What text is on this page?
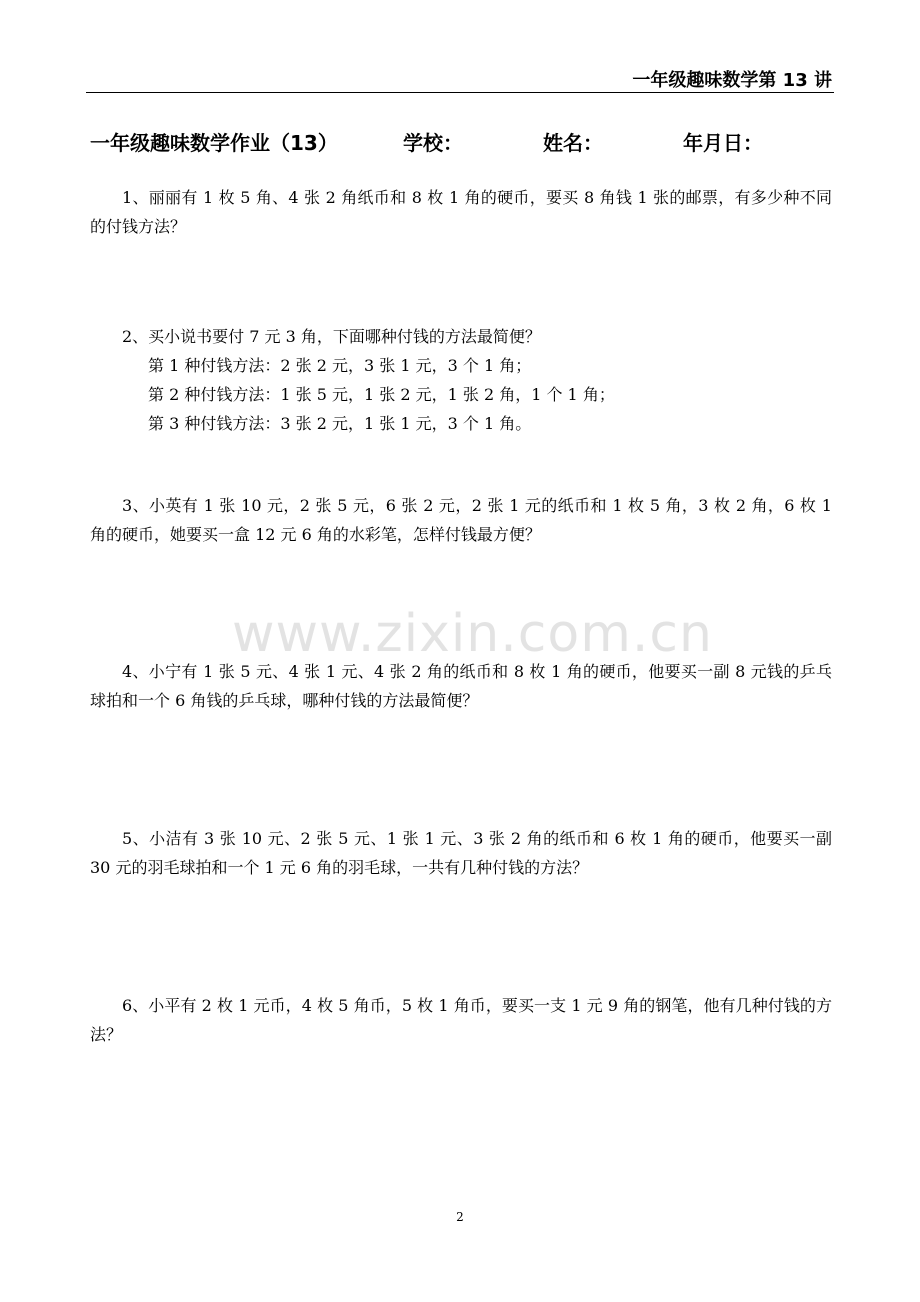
一年级趣味数学第 13 讲
一年级趣味数学作业（13）	学校：	姓名：	年月日：
1、丽丽有 1 枚 5 角、4 张 2 角纸币和 8 枚 1 角的硬币，要买 8 角钱 1 张的邮票，有多少种不同的付钱方法？
2、买小说书要付 7 元 3 角，下面哪种付钱的方法最简便？
第 1 种付钱方法：2 张 2 元，3 张 1 元，3 个 1 角；
第 2 种付钱方法：1 张 5 元，1 张 2 元，1 张 2 角，1 个 1 角；
第 3 种付钱方法：3 张 2 元，1 张 1 元，3 个 1 角。
3、小英有 1 张 10 元，2 张 5 元，6 张 2 元，2 张 1 元的纸币和 1 枚 5 角，3 枚 2 角，6 枚 1 角的硬币，她要买一盒 12 元 6 角的水彩笔，怎样付钱最方便？
www.zixin.com.cn
4、小宁有 1 张 5 元、4 张 1 元、4 张 2 角的纸币和 8 枚 1 角的硬币，他要买一副 8 元钱的乒乓球拍和一个 6 角钱的乒乓球，哪种付钱的方法最简便？
5、小洁有 3 张 10 元、2 张 5 元、1 张 1 元、3 张 2 角的纸币和 6 枚 1 角的硬币，他要买一副 30 元的羽毛球拍和一个 1 元 6 角的羽毛球，一共有几种付钱的方法？
6、小平有 2 枚 1 元币，4 枚 5 角币，5 枚 1 角币，要买一支 1 元 9 角的钢笔，他有几种付钱的方法？
2
